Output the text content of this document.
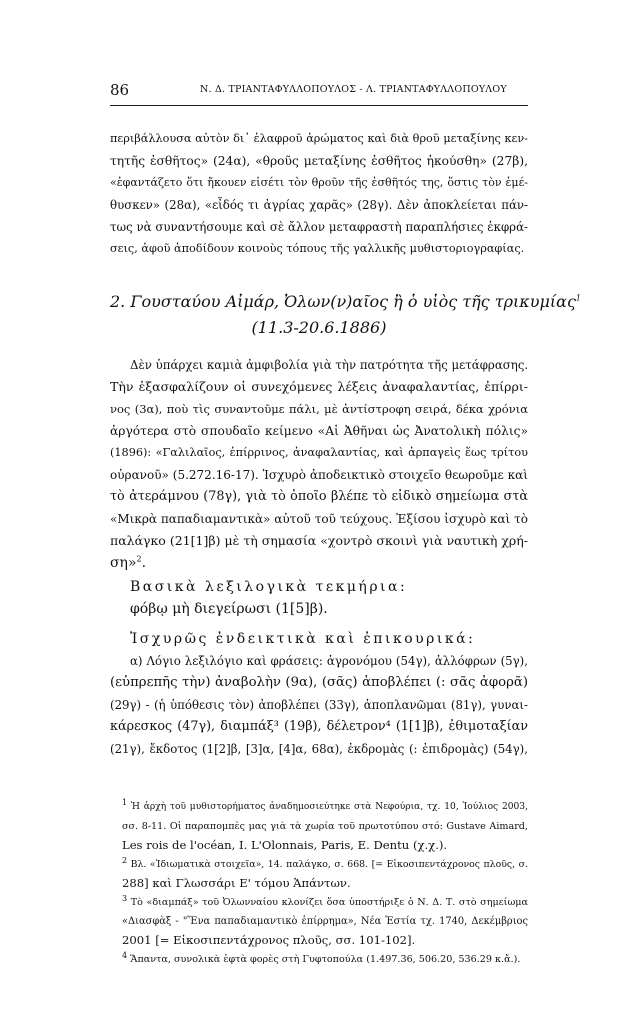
86	Ν. Δ. ΤΡΙΑΝΤΑΦΥΛΛΟΠΟΥΛΟΣ - Λ. ΤΡΙΑΝΤΑΦΥΛΛΟΠΟΥΛΟΥ
περιβάλλουσα αὐτὸν δι᾽ ἐλαφροῦ ἀρώματος καὶ διὰ θροῦ μεταξίνης κεν-
τητῆς ἐσθῆτος» (24α), «θροῦς μεταξίνης ἐσθῆτος ἠκούσθη» (27β),
«ἐφαντάζετο ὅτι ἤκουεν εἰσέτι τὸν θροῦν τῆς ἐσθῆτός της, ὅστις τὸν ἐμέ-
θυσκεν» (28α), «εἶδός τι ἀγρίας χαρᾶς» (28γ). Δὲν ἀποκλείεται πάν-
τως νὰ συναντήσουμε καὶ σὲ ἄλλον μεταφραστὴ παραπλήσιες ἐκφρά-
σεις, ἀφοῦ ἀποδίδουν κοινοὺς τόπους τῆς γαλλικῆς μυθιστοριογραφίας.
2. Γουσταύου Αἰμάρ, Ὀλων(ν)αῖος ἢ ὁ υἱὸς τῆς τρικυμίας$^1$
(11.3-20.6.1886)
Δὲν ὑπάρχει καμιὰ ἀμφιβολία γιὰ τὴν πατρότητα τῆς μετάφρασης.
Τὴν ἐξασφαλίζουν οἱ συνεχόμενες λέξεις ἀναφαλαντίας, ἐπίρρι-
νος (3α), ποὺ τὶς συναντοῦμε πάλι, μὲ ἀντίστροφη σειρά, δέκα χρόνια
ἀργότερα στὸ σπουδαῖο κείμενο «Αἱ Ἀθῆναι ὡς Ἀνατολικὴ πόλις»
(1896): «Γαλιλαῖος, ἐπίρρινος, ἀναφαλαντίας, καὶ ἀρπαγεὶς ἕως τρίτου
οὐρανοῦ» (5.272.16-17). Ἰσχυρὸ ἀποδεικτικὸ στοιχεῖο θεωροῦμε καὶ
τὸ ἀτεράμνου (78γ), γιὰ τὸ ὁποῖο βλέπε τὸ εἰδικὸ σημείωμα στὰ
«Μικρὰ παπαδιαμαντικὰ» αὐτοῦ τοῦ τεύχους. Ἐξίσου ἰσχυρὸ καὶ τὸ
παλάγκο (21[1]β) μὲ τὴ σημασία «χοντρὸ σκοινὶ γιὰ ναυτικὴ χρή-
ση»$^2$.
Βασικὰ λεξιλογικὰ τεκμήρια:
φόβῳ μὴ διεγείρωσι (1[5]β).
Ἰσχυρῶς ἐνδεικτικὰ καὶ ἐπικουρικά:
α) Λόγιο λεξιλόγιο καὶ φράσεις: ἀγρονόμου (54γ), ἀλλόφρων (5γ),
(εὐπρεπῆς τὴν) ἀναβολὴν (9α), (σᾶς) ἀποβλέπει (: σᾶς ἀφορᾶ)
(29γ) - (ἡ ὑπόθεσις τὸν) ἀποβλέπει (33γ), ἀποπλανῶμαι (81γ), γυναι-
κάρεσκος (47γ), διαμπάξ³ (19β), δέλετρον⁴ (1[1]β), ἐθιμοταξίαν
(21γ), ἔκδοτος (1[2]β, [3]α, [4]α, 68α), ἐκδρομὰς (: ἐπιδρομὰς) (54γ),
$^1$ Ἡ ἀρχὴ τοῦ μυθιστορήματος ἀναδημοσιεύτηκε στὰ Νεφούρια, τχ. 10, Ἰούλιος 2003,
σσ. 8-11. Οἱ παραπομπὲς μας γιὰ τὰ χωρία τοῦ πρωτοτύπου στό: Gustave Aimard,
Les rois de l'océan, I. L'Olonnais, Paris, E. Dentu (χ.χ.).
$^2$ Βλ. «Ἰδιωματικὰ στοιχεῖα», 14. παλάγκο, σ. 668. [= Εἰκοσιπεντάχρονος πλοῦς, σ.
288] καὶ Γλωσσάρι Ε' τόμου Ἁπάντων.
$^3$ Τὸ «διαμπάξ» τοῦ Ὀλωνναίου κλονίζει ὅσα ὑποστήριξε ὁ Ν. Δ. Τ. στὸ σημείωμα
«Διασφὰξ - "Ἕνα παπαδιαμαντικὸ ἐπίρρημα», Νέα Ἑστία τχ. 1740, Δεκέμβριος
2001 [= Εἰκοσιπεντάχρονος πλοῦς, σσ. 101-102].
$^4$ Ἅπαντα, συνολικὰ ἑφτὰ φορὲς στὴ Γυφτοπούλα (1.497.36, 506.20, 536.29 κ.ἄ.).
